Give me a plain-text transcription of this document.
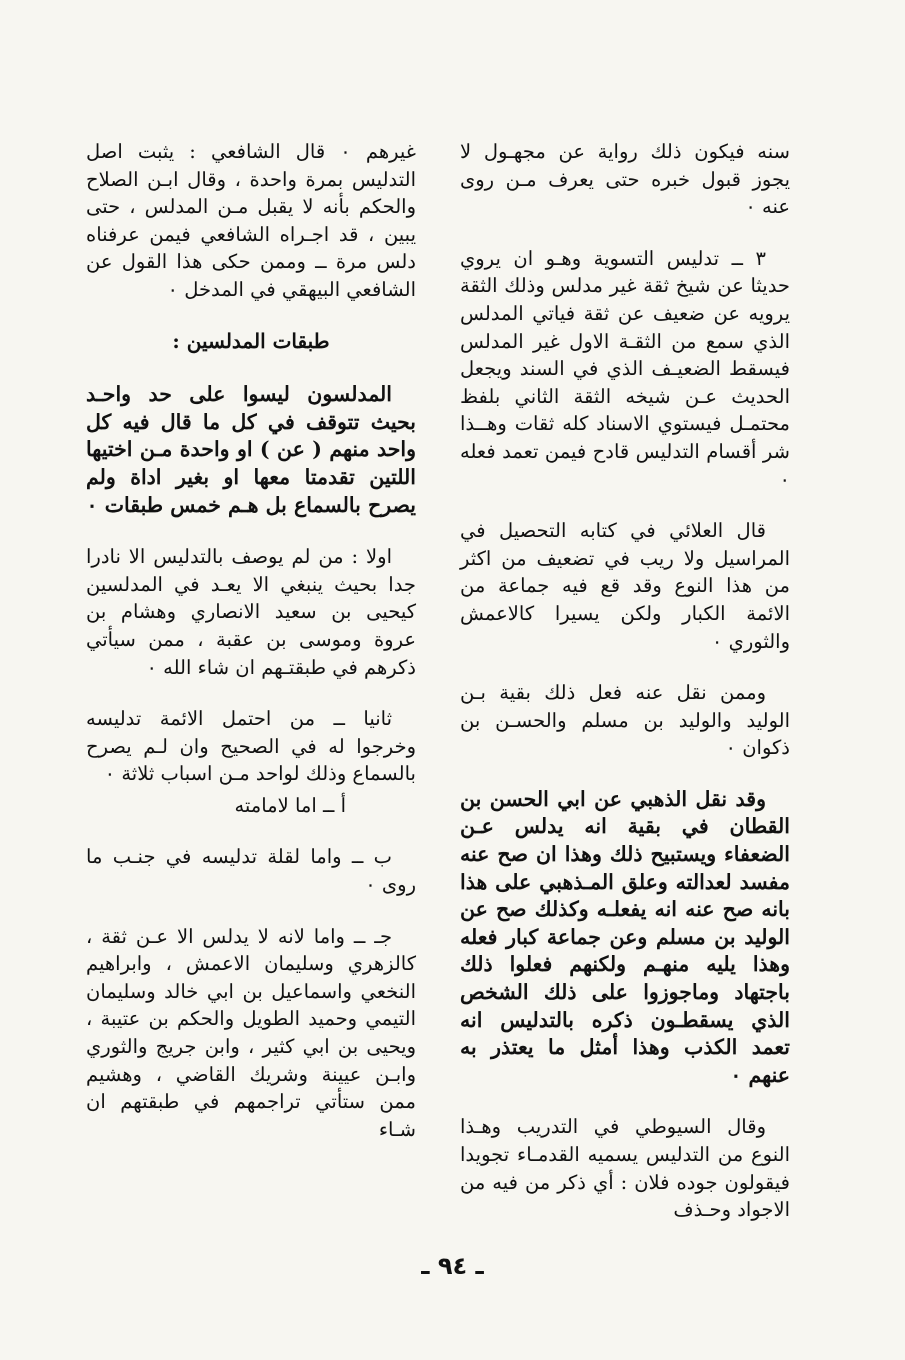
سنه فيكون ذلك رواية عن مجهـول لا يجوز قبول خبره حتى يعرف مـن روى عنه ٠

٣ ــ تدليس التسوية وهـو ان يروي حديثا عن شيخ ثقة غير مدلس وذلك الثقة يرويه عن ضعيف عن ثقة فياتي المدلس الذي سمع من الثقـة الاول غير المدلس فيسقط الضعيـف الذي في السند ويجعل الحديث عـن شيخه الثقة الثاني بلفظ محتمـل فيستوي الاسناد كله ثقات وهــذا شر أقسام التدليس قادح فيمن تعمد فعله ٠

قال العلائي في كتابه التحصيل في المراسيل ولا ريب في تضعيف من اكثر من هذا النوع وقد قع فيه جماعة من الائمة الكبار ولكن يسيرا كالاعمش والثوري ٠

وممن نقل عنه فعل ذلك بقية بـن الوليد والوليد بن مسلم والحسـن بن ذكوان ٠

وقد نقل الذهبي عن ابي الحسن بن القطان في بقية انه يدلس عـن الضعفاء ويستبيح ذلك وهذا ان صح عنه مفسد لعدالته وعلق المـذهبي على هذا بانه صح عنه انه يفعلـه وكذلك صح عن الوليد بن مسلم وعن جماعة كبار فعله وهذا يليه منهـم ولكنهم فعلوا ذلك باجتهاد وماجوزوا على ذلك الشخص الذي يسقطـون ذكره بالتدليس انه تعمد الكذب وهذا أمثل ما يعتذر به عنهم ٠

وقال السيوطي في التدريب وهـذا النوع من التدليس يسميه القدمـاء تجويدا فيقولون جوده فلان : أي ذكر من فيه من الاجواد وحـذف

غيرهم ٠ قال الشافعي : يثبت اصل التدليس بمرة واحدة ، وقال ابـن الصلاح والحكم بأنه لا يقبل مـن المدلس ، حتى يبين ، قد اجـراه الشافعي فيمن عرفناه دلس مرة ــ وممن حكى هذا القول عن الشافعي البيهقي في المدخل ٠

طبقات المدلسين :

المدلسون ليسوا على حد واحـد بحيث تتوقف في كل ما قال فيه كل واحد منهم ( عن ) او واحدة مـن اختيها اللتين تقدمتا معها او بغير اداة ولم يصرح بالسماع بل هـم خمس طبقات ٠

اولا : من لم يوصف بالتدليس الا نادرا جدا بحيث ينبغي الا يعـد في المدلسين كيحيى بن سعيد الانصاري وهشام بن عروة وموسى بن عقبة ، ممن سيأتي ذكرهم في طبقتـهم ان شاء الله ٠

ثانيا ــ من احتمل الائمة تدليسه وخرجوا له في الصحيح وان لـم يصرح بالسماع وذلك لواحد مـن اسباب ثلاثة ٠

أ ــ اما لامامته

ب ــ واما لقلة تدليسه في جنـب ما روى ٠

جـ ــ واما لانه لا يدلس الا عـن ثقة ، كالزهري وسليمان الاعمش ، وابراهيم النخعي واسماعيل بن ابي خالد وسليمان التيمي وحميد الطويل والحكم بن عتيبة ، ويحيى بن ابي كثير ، وابن جريج والثوري وابـن عيينة وشريك القاضي ، وهشيم ممن ستأتي تراجمهم في طبقتهم ان شـاء

ـ ٩٤ ـ
